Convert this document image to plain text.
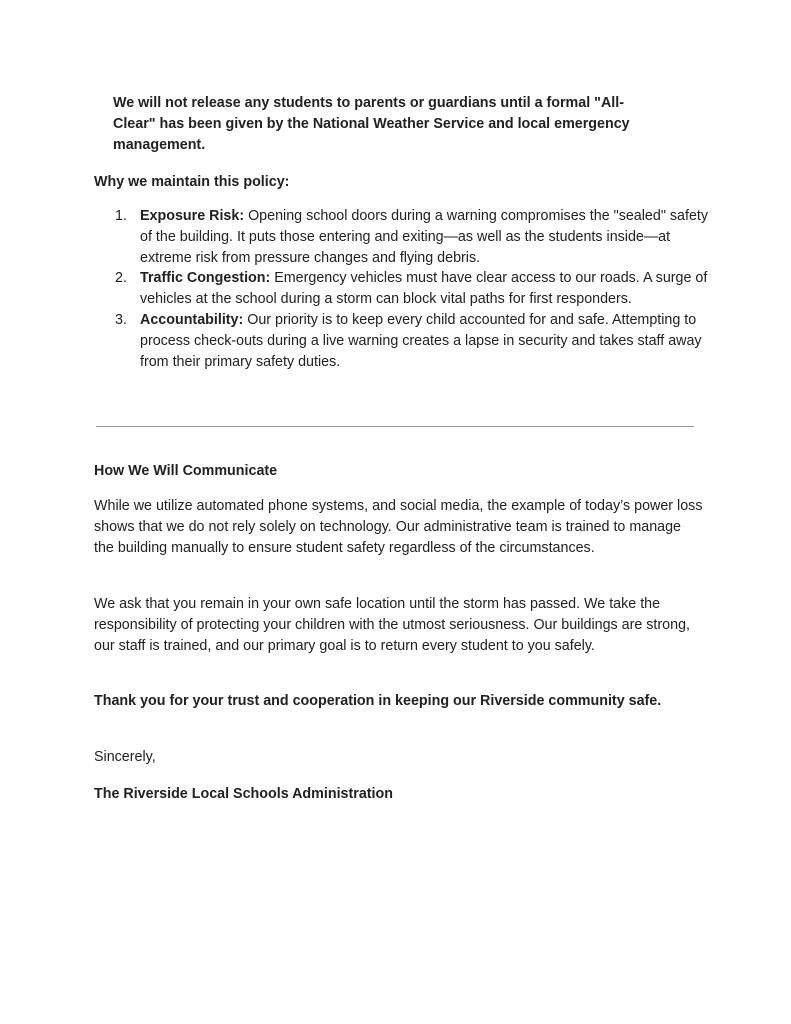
We will not release any students to parents or guardians until a formal "All-Clear" has been given by the National Weather Service and local emergency management.

Why we maintain this policy:

1. Exposure Risk: Opening school doors during a warning compromises the "sealed" safety of the building. It puts those entering and exiting—as well as the students inside—at extreme risk from pressure changes and flying debris.
2. Traffic Congestion: Emergency vehicles must have clear access to our roads. A surge of vehicles at the school during a storm can block vital paths for first responders.
3. Accountability: Our priority is to keep every child accounted for and safe. Attempting to process check-outs during a live warning creates a lapse in security and takes staff away from their primary safety duties.

How We Will Communicate

While we utilize automated phone systems, and social media, the example of today’s power loss shows that we do not rely solely on technology. Our administrative team is trained to manage the building manually to ensure student safety regardless of the circumstances.

We ask that you remain in your own safe location until the storm has passed. We take the responsibility of protecting your children with the utmost seriousness. Our buildings are strong, our staff is trained, and our primary goal is to return every student to you safely.

Thank you for your trust and cooperation in keeping our Riverside community safe.

Sincerely,

The Riverside Local Schools Administration
